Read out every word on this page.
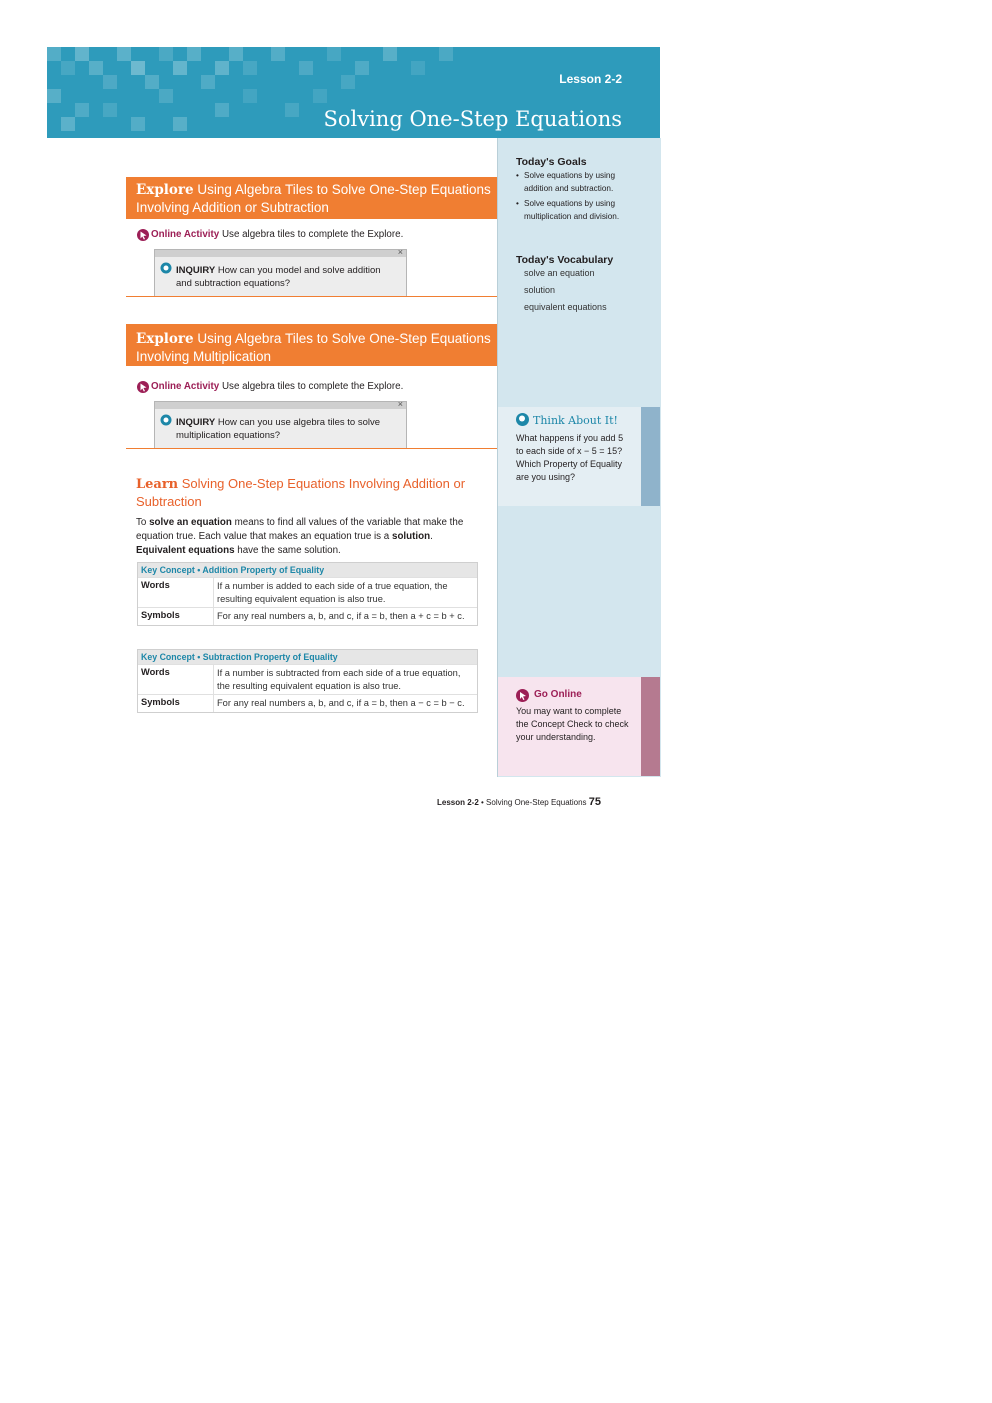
Lesson 2-2
Solving One-Step Equations
Today's Goals
• Solve equations by using addition and subtraction.
• Solve equations by using multiplication and division.
Today's Vocabulary
solve an equation
solution
equivalent equations
Think About It!
What happens if you add 5 to each side of x − 5 = 15? Which Property of Equality are you using?
Go Online
You may want to complete the Concept Check to check your understanding.
Explore Using Algebra Tiles to Solve One-Step Equations Involving Addition or Subtraction
Online Activity Use algebra tiles to complete the Explore.
×
INQUIRY How can you model and solve addition and subtraction equations?
Explore Using Algebra Tiles to Solve One-Step Equations Involving Multiplication
Online Activity Use algebra tiles to complete the Explore.
×
INQUIRY How can you use algebra tiles to solve multiplication equations?
Learn Solving One-Step Equations Involving Addition or Subtraction
To solve an equation means to find all values of the variable that make the equation true. Each value that makes an equation true is a solution. Equivalent equations have the same solution.
Key Concept • Addition Property of Equality
Words	If a number is added to each side of a true equation, the resulting equivalent equation is also true.
Symbols	For any real numbers a, b, and c, if a = b, then a + c = b + c.
Key Concept • Subtraction Property of Equality
Words	If a number is subtracted from each side of a true equation, the resulting equivalent equation is also true.
Symbols	For any real numbers a, b, and c, if a = b, then a − c = b − c.
Lesson 2-2 • Solving One-Step Equations 75
